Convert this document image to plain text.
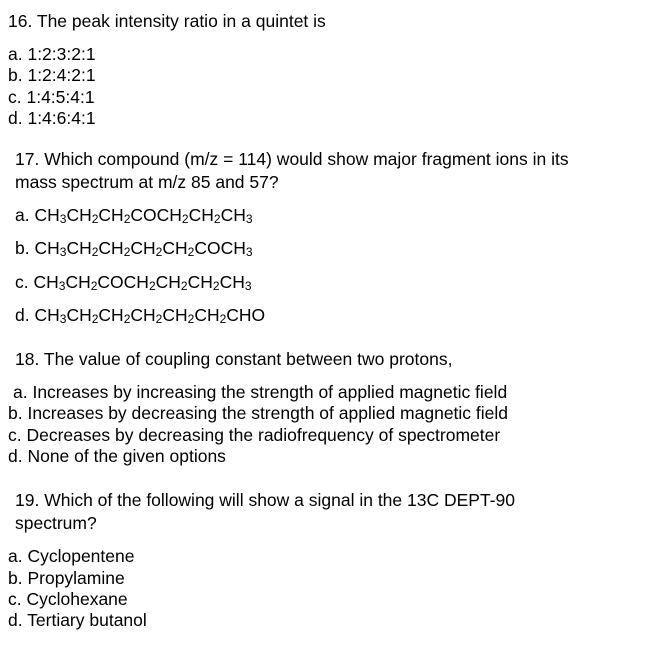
16. The peak intensity ratio in a quintet is
a. 1:2:3:2:1
b. 1:2:4:2:1
c. 1:4:5:4:1
d. 1:4:6:4:1
17. Which compound (m/z = 114) would show major fragment ions in its
mass spectrum at m/z 85 and 57?
a. $CH_3CH_2CH_2COCH_2CH_2CH_3$
b. $CH_3CH_2CH_2CH_2CH_2COCH_3$
c. $CH_3CH_2COCH_2CH_2CH_2CH_3$
d. $CH_3CH_2CH_2CH_2CH_2CH_2CHO$
18. The value of coupling constant between two protons,
a. Increases by increasing the strength of applied magnetic field
b. Increases by decreasing the strength of applied magnetic field
c. Decreases by decreasing the radiofrequency of spectrometer
d. None of the given options
19. Which of the following will show a signal in the 13C DEPT-90
spectrum?
a. Cyclopentene
b. Propylamine
c. Cyclohexane
d. Tertiary butanol
